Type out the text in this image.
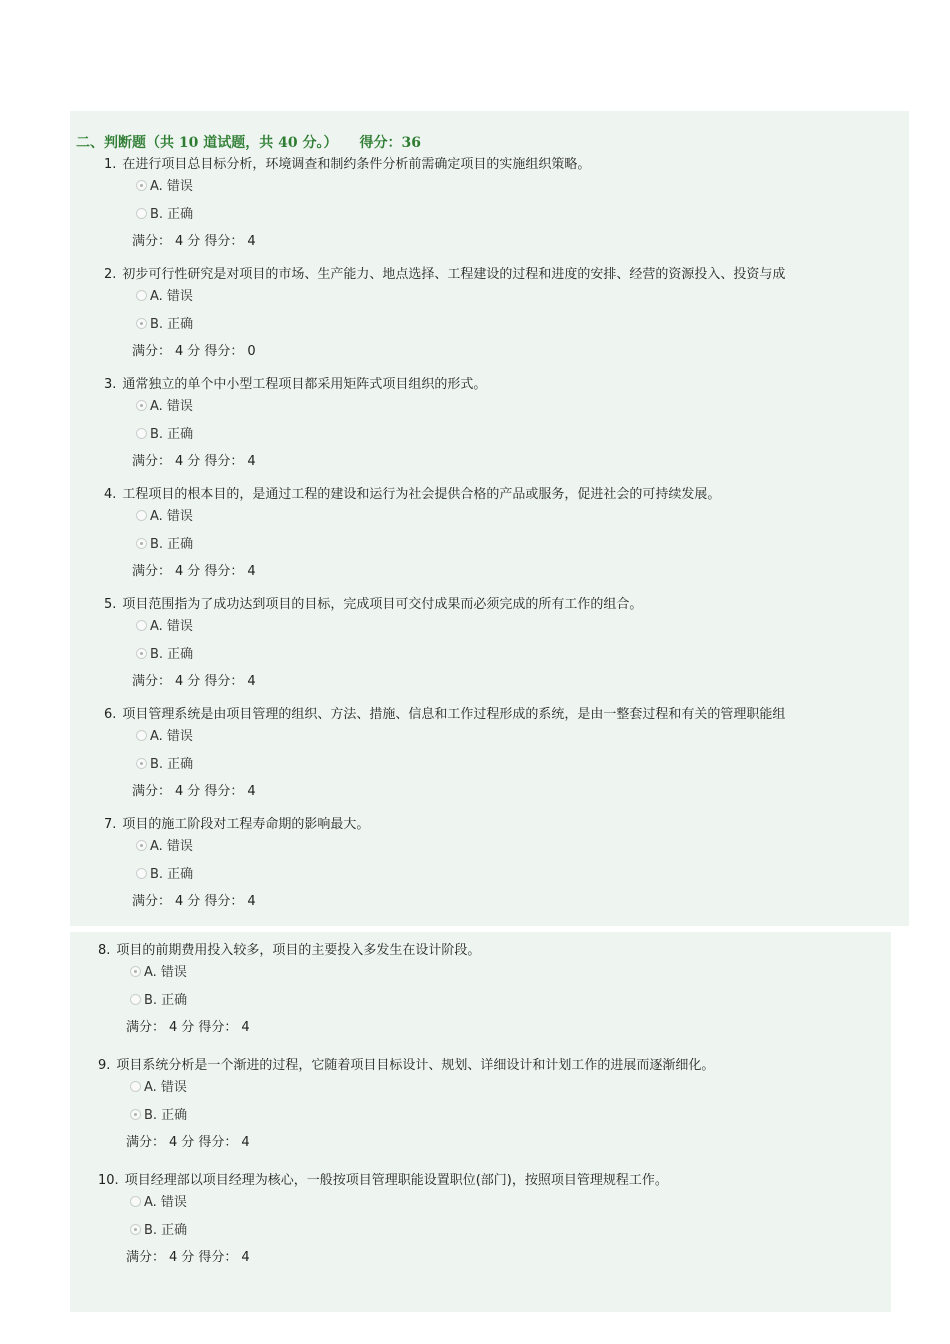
二、判断题（共 10 道试题，共 40 分。） 得分：36
1. 在进行项目总目标分析，环境调查和制约条件分析前需确定项目的实施组织策略。
A. 错误
B. 正确
满分： 4 分 得分： 4
2. 初步可行性研究是对项目的市场、生产能力、地点选择、工程建设的过程和进度的安排、经营的资源投入、投资与成
A. 错误
B. 正确
满分： 4 分 得分： 0
3. 通常独立的单个中小型工程项目都采用矩阵式项目组织的形式。
A. 错误
B. 正确
满分： 4 分 得分： 4
4. 工程项目的根本目的，是通过工程的建设和运行为社会提供合格的产品或服务，促进社会的可持续发展。
A. 错误
B. 正确
满分： 4 分 得分： 4
5. 项目范围指为了成功达到项目的目标，完成项目可交付成果而必须完成的所有工作的组合。
A. 错误
B. 正确
满分： 4 分 得分： 4
6. 项目管理系统是由项目管理的组织、方法、措施、信息和工作过程形成的系统，是由一整套过程和有关的管理职能组
A. 错误
B. 正确
满分： 4 分 得分： 4
7. 项目的施工阶段对工程寿命期的影响最大。
A. 错误
B. 正确
满分： 4 分 得分： 4
8. 项目的前期费用投入较多，项目的主要投入多发生在设计阶段。
A. 错误
B. 正确
满分： 4 分 得分： 4
9. 项目系统分析是一个渐进的过程，它随着项目目标设计、规划、详细设计和计划工作的进展而逐渐细化。
A. 错误
B. 正确
满分： 4 分 得分： 4
10. 项目经理部以项目经理为核心，一般按项目管理职能设置职位(部门)，按照项目管理规程工作。
A. 错误
B. 正确
满分： 4 分 得分： 4
